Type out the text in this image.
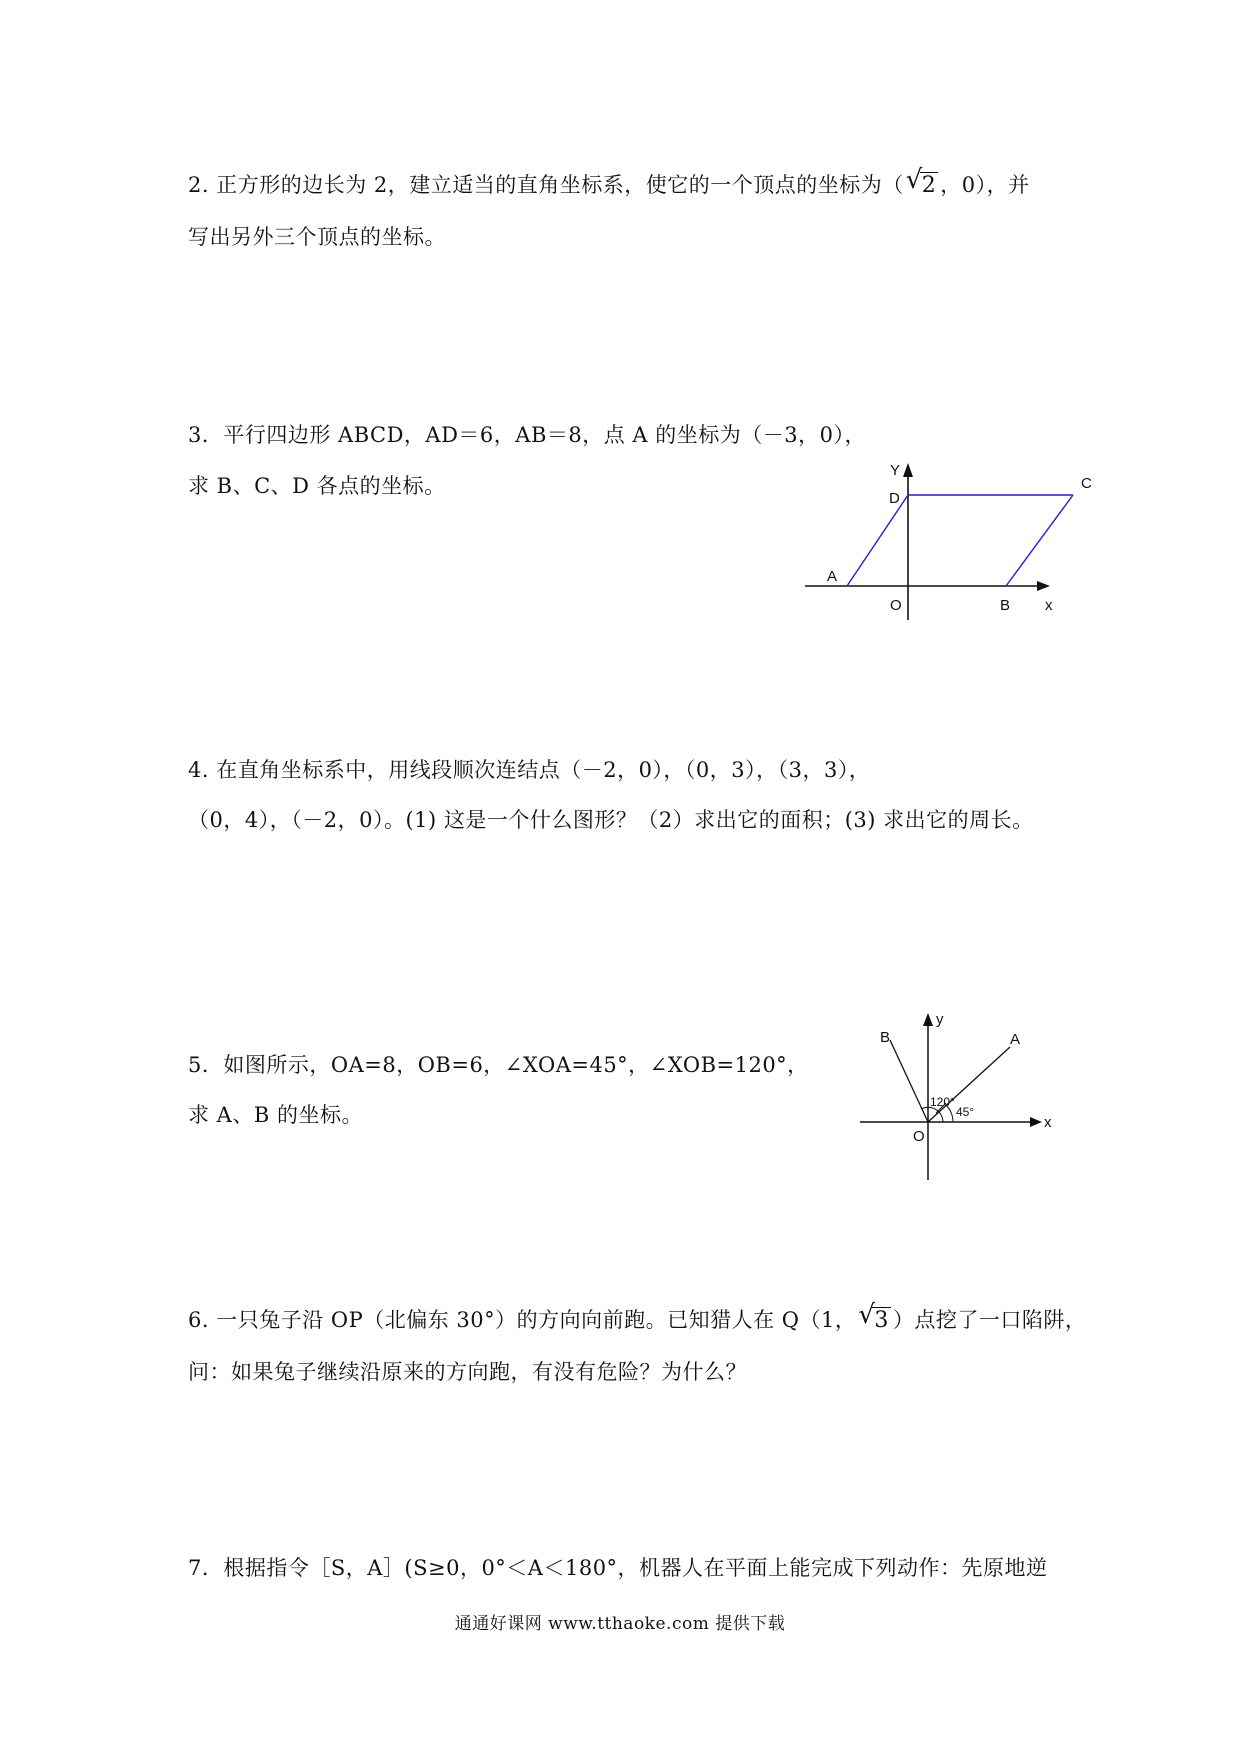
2. 正方形的边长为 2，建立适当的直角坐标系，使它的一个顶点的坐标为（ √
2 ，0），并
写出另外三个顶点的坐标。
3．平行四边形 ABCD，AD＝6，AB＝8，点 A 的坐标为（－3，0），
求 B、C、D 各点的坐标。
Y
D
C
A
O	B x
4. 在直角坐标系中，用线段顺次连结点（－2，0），（0，3），（3，3），
（0，4），（－2，0）。(1) 这是一个什么图形？（2）求出它的面积；(3) 求出它的周长。
5．如图所示，OA=8，OB=6，∠XOA=45°，∠XOB=120°，
求 A、B 的坐标。
y
B	A
120°
45°
O
x
6. 一只兔子沿 OP（北偏东 30°）的方向向前跑。已知猎人在 Q（1， √
3 ）点挖了一口陷阱，
问：如果兔子继续沿原来的方向跑，有没有危险？为什么？
7．根据指令［S，A］(S≥0，0°＜A＜180°，机器人在平面上能完成下列动作：先原地逆
通通好课网 www.tthaoke.com 提供下载
